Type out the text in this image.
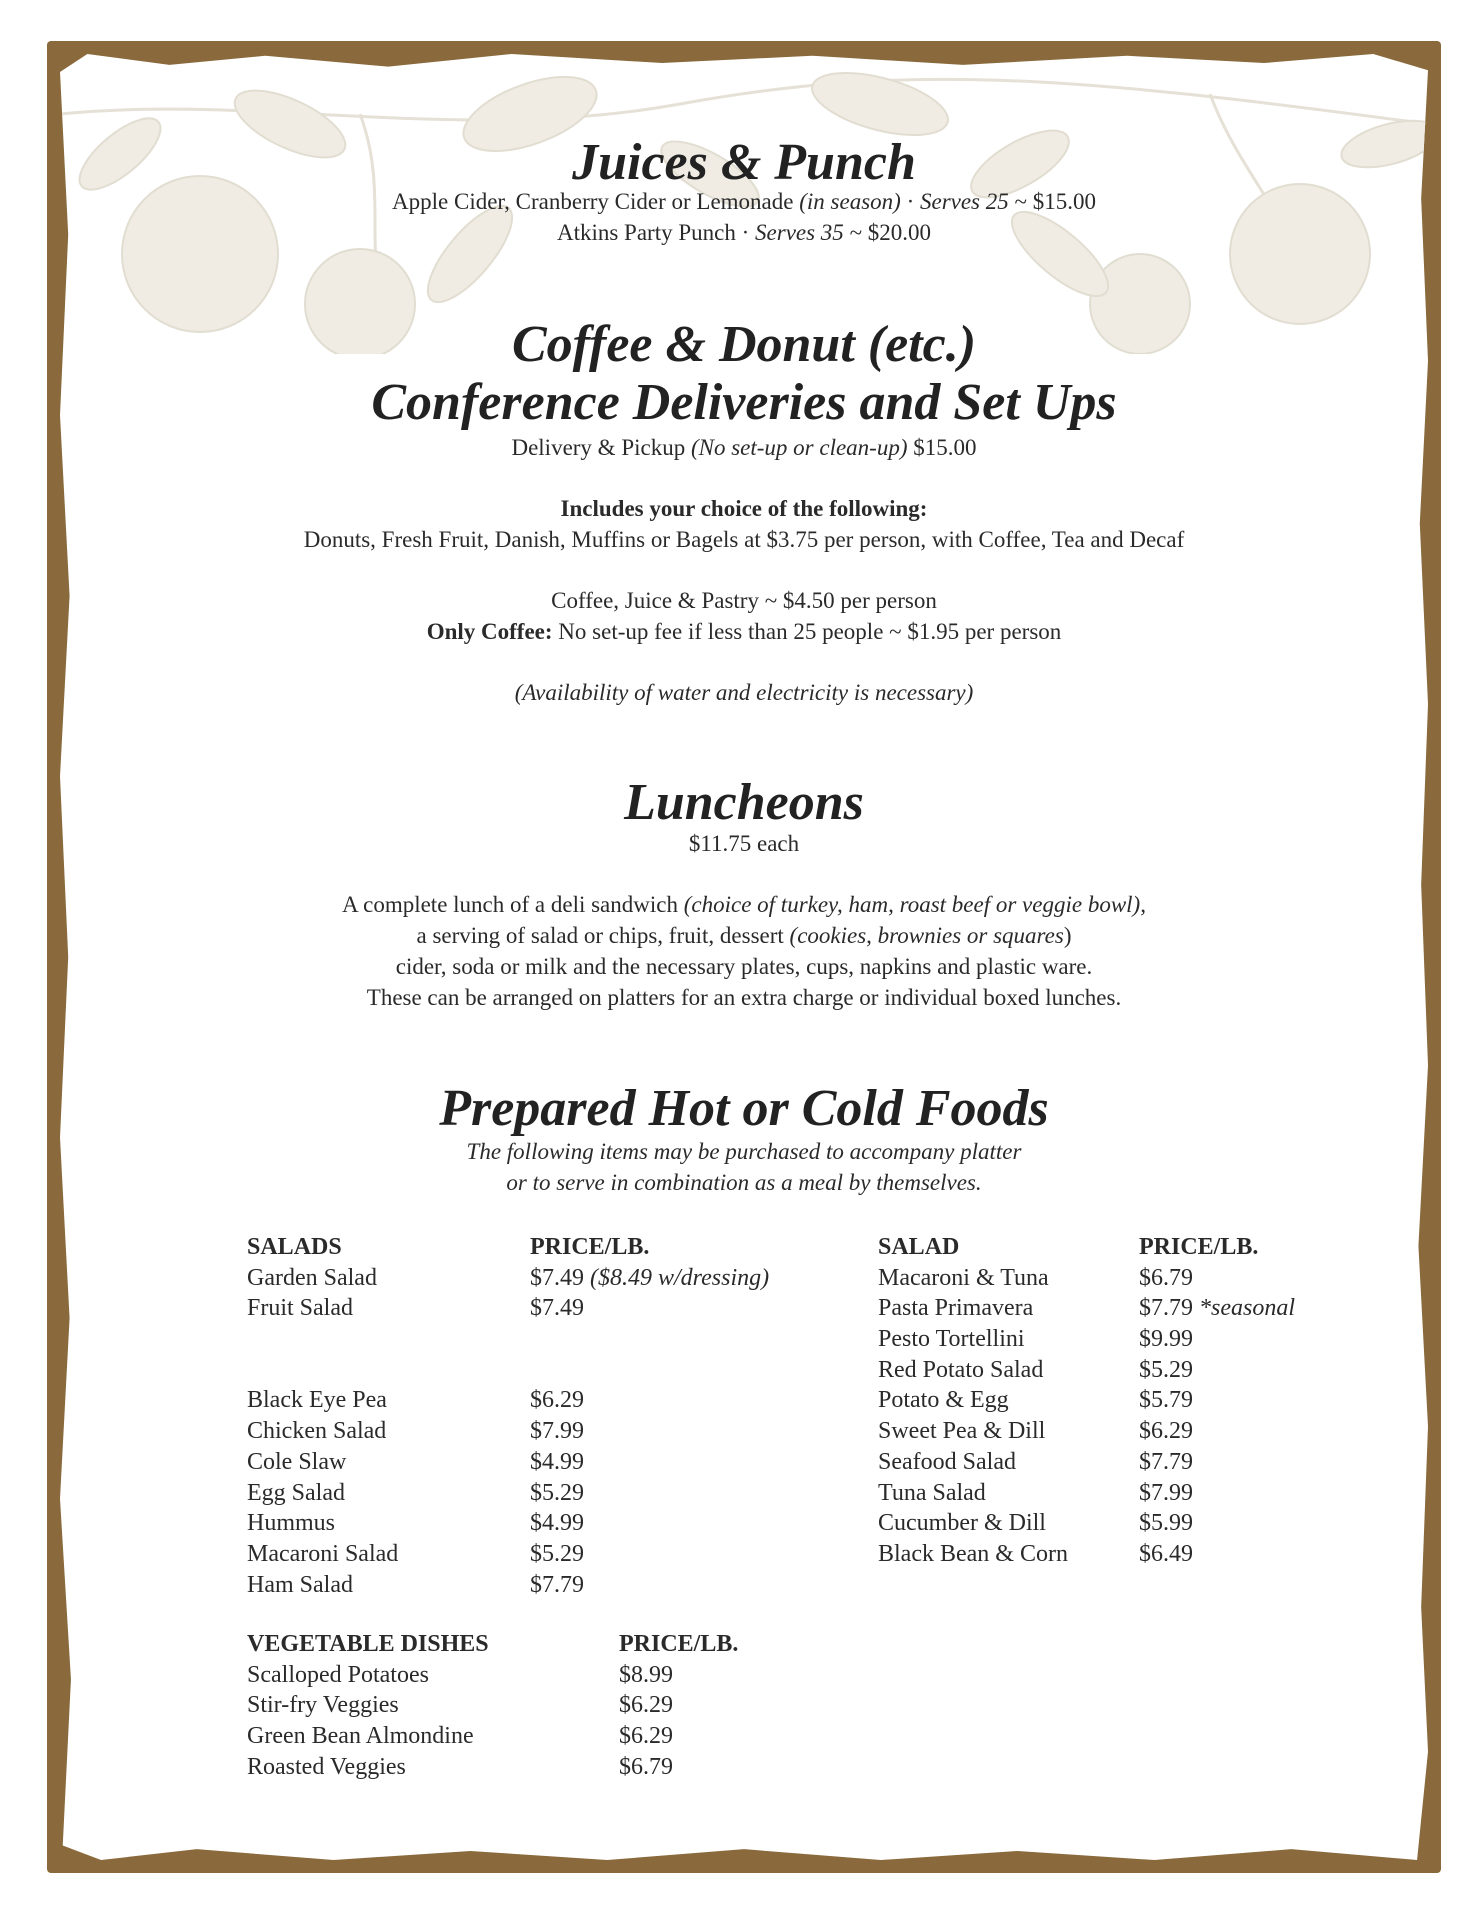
Juices & Punch
Apple Cider, Cranberry Cider or Lemonade (in season) · Serves 25 ~ $15.00
Atkins Party Punch · Serves 35 ~ $20.00
Coffee & Donut (etc.)
Conference Deliveries and Set Ups
Delivery & Pickup (No set-up or clean-up) $15.00
Includes your choice of the following:
Donuts, Fresh Fruit, Danish, Muffins or Bagels at $3.75 per person, with Coffee, Tea and Decaf
Coffee, Juice & Pastry ~ $4.50 per person
Only Coffee: No set-up fee if less than 25 people ~ $1.95 per person
(Availability of water and electricity is necessary)
Luncheons
$11.75 each
A complete lunch of a deli sandwich (choice of turkey, ham, roast beef or veggie bowl),
a serving of salad or chips, fruit, dessert (cookies, brownies or squares)
cider, soda or milk and the necessary plates, cups, napkins and plastic ware.
These can be arranged on platters for an extra charge or individual boxed lunches.
Prepared Hot or Cold Foods
The following items may be purchased to accompany platter
or to serve in combination as a meal by themselves.
SALADS	PRICE/LB.
Garden Salad	$7.49 ($8.49 w/dressing)
Fruit Salad	$7.49
Black Eye Pea	$6.29
Chicken Salad	$7.99
Cole Slaw	$4.99
Egg Salad	$5.29
Hummus	$4.99
Macaroni Salad	$5.29
Ham Salad	$7.79
SALAD	PRICE/LB.
Macaroni & Tuna	$6.79
Pasta Primavera	$7.79 *seasonal
Pesto Tortellini	$9.99
Red Potato Salad	$5.29
Potato & Egg	$5.79
Sweet Pea & Dill	$6.29
Seafood Salad	$7.79
Tuna Salad	$7.99
Cucumber & Dill	$5.99
Black Bean & Corn	$6.49
VEGETABLE DISHES	PRICE/LB.
Scalloped Potatoes	$8.99
Stir-fry Veggies	$6.29
Green Bean Almondine	$6.29
Roasted Veggies	$6.79
